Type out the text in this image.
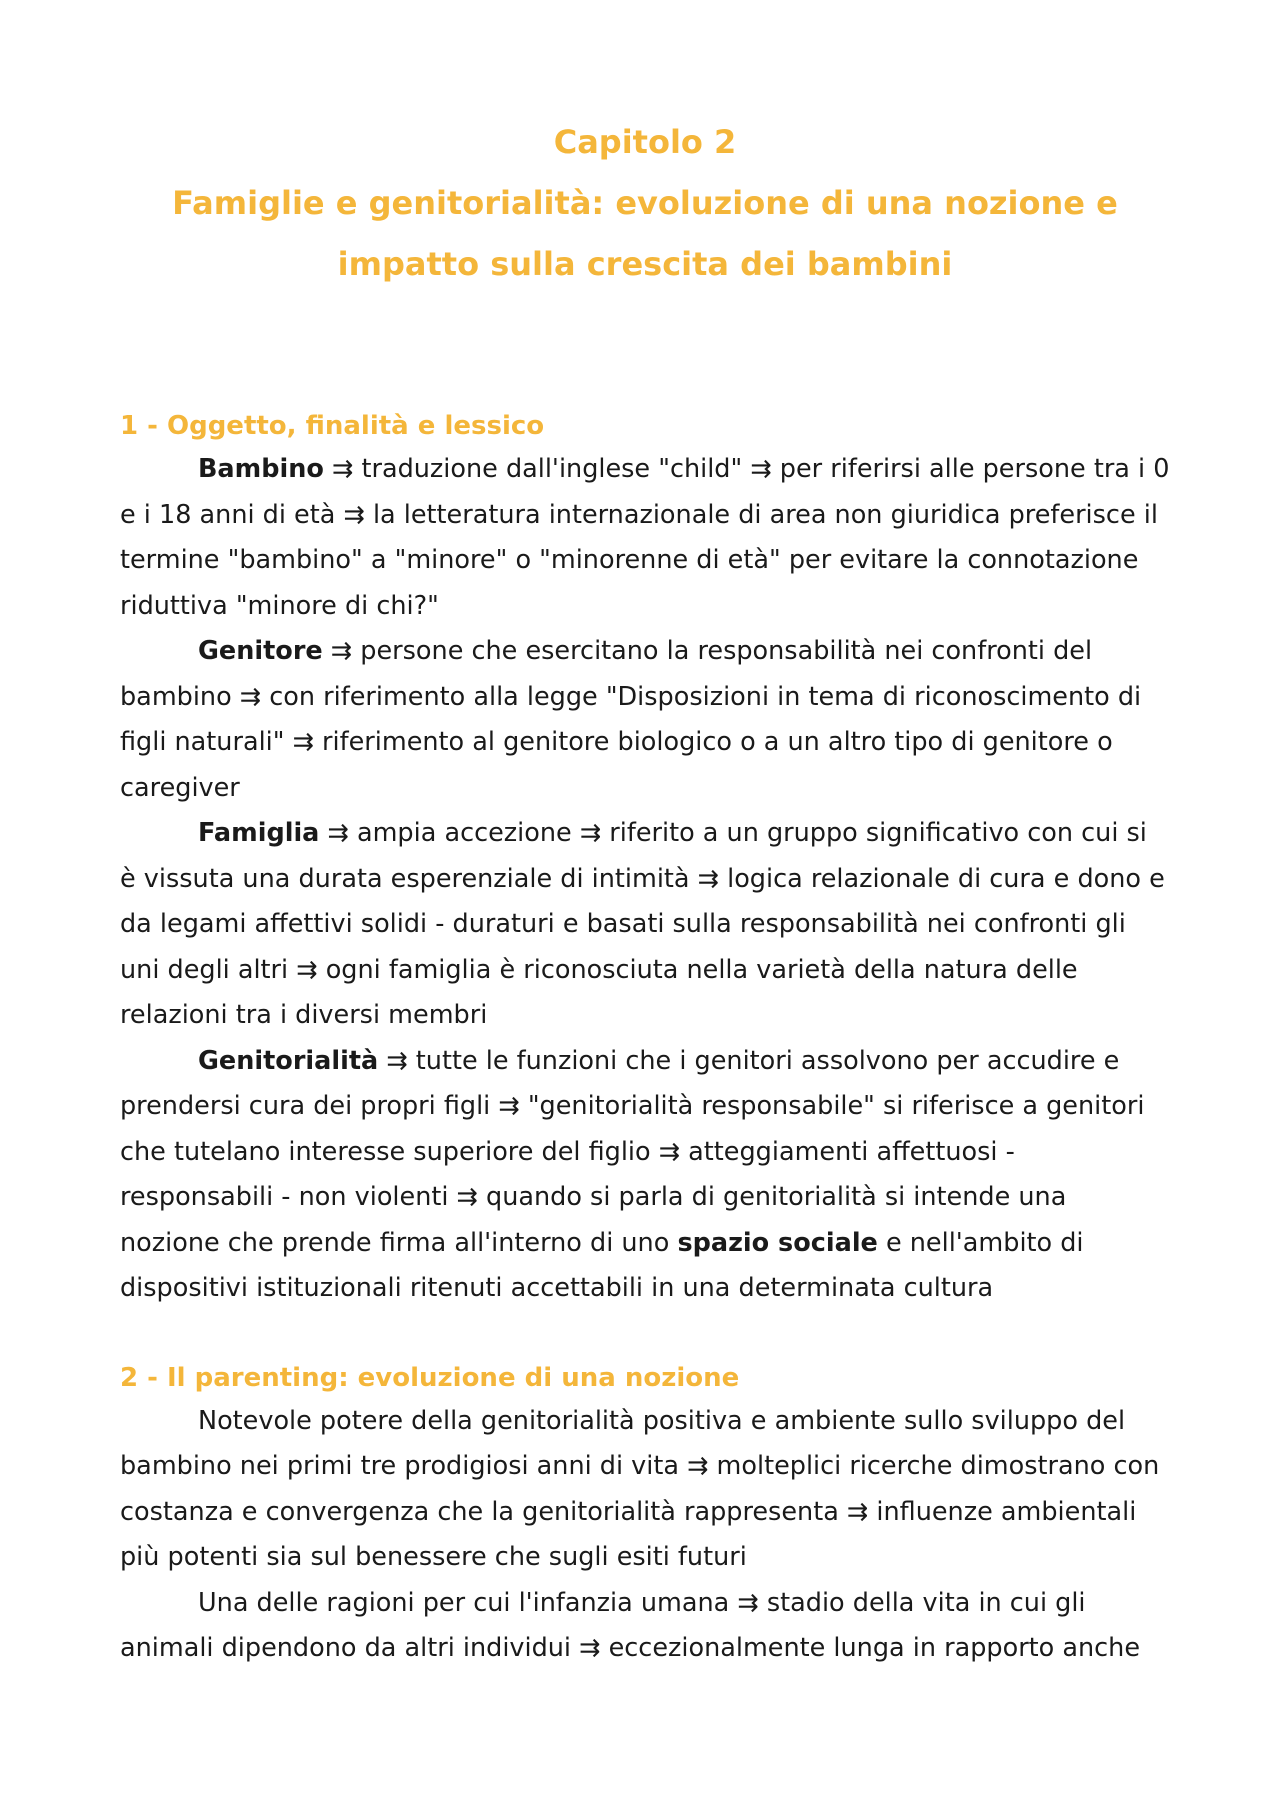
Capitolo 2
Famiglie e genitorialità: evoluzione di una nozione e
impatto sulla crescita dei bambini
1 - Oggetto, finalità e lessico

Bambino ⇉ traduzione dall'inglese "child" ⇉ per riferirsi alle persone tra i 0 e i 18 anni di età ⇉ la letteratura internazionale di area non giuridica preferisce il termine "bambino" a "minore" o "minorenne di età" per evitare la connotazione riduttiva "minore di chi?"

Genitore ⇉ persone che esercitano la responsabilità nei confronti del bambino ⇉ con riferimento alla legge "Disposizioni in tema di riconoscimento di figli naturali" ⇉ riferimento al genitore biologico o a un altro tipo di genitore o caregiver

Famiglia ⇉ ampia accezione ⇉ riferito a un gruppo significativo con cui si è vissuta una durata esperenziale di intimità ⇉ logica relazionale di cura e dono e da legami affettivi solidi - duraturi e basati sulla responsabilità nei confronti gli uni degli altri ⇉ ogni famiglia è riconosciuta nella varietà della natura delle relazioni tra i diversi membri

Genitorialità ⇉ tutte le funzioni che i genitori assolvono per accudire e prendersi cura dei propri figli ⇉ "genitorialità responsabile" si riferisce a genitori che tutelano interesse superiore del figlio ⇉ atteggiamenti affettuosi - responsabili - non violenti ⇉ quando si parla di genitorialità si intende una nozione che prende firma all'interno di uno spazio sociale e nell'ambito di dispositivi istituzionali ritenuti accettabili in una determinata cultura

2 - Il parenting: evoluzione di una nozione

Notevole potere della genitorialità positiva e ambiente sullo sviluppo del bambino nei primi tre prodigiosi anni di vita ⇉ molteplici ricerche dimostrano con costanza e convergenza che la genitorialità rappresenta ⇉ influenze ambientali più potenti sia sul benessere che sugli esiti futuri

Una delle ragioni per cui l'infanzia umana ⇉ stadio della vita in cui gli animali dipendono da altri individui ⇉ eccezionalmente lunga in rapporto anche
